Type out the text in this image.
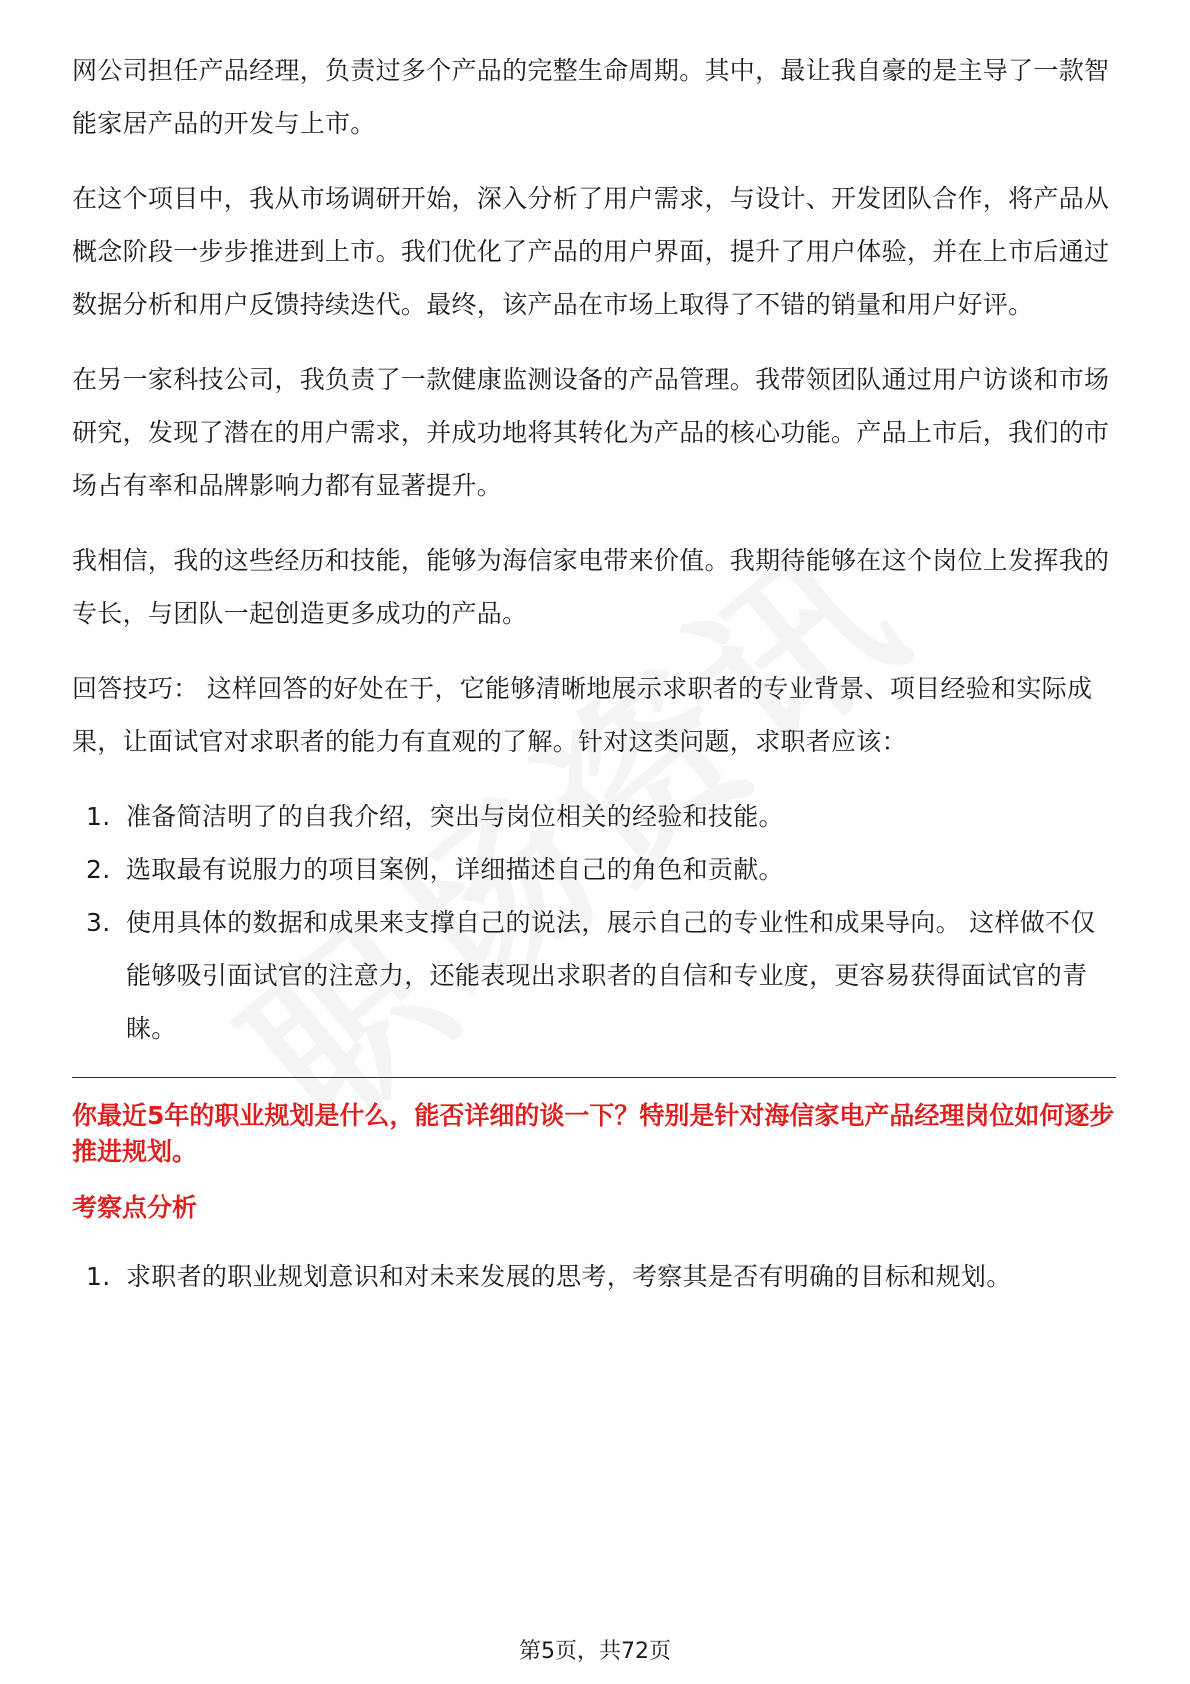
网公司担任产品经理，负责过多个产品的完整生命周期。其中，最让我自豪的是主导了一款智能家居产品的开发与上市。

在这个项目中，我从市场调研开始，深入分析了用户需求，与设计、开发团队合作，将产品从概念阶段一步步推进到上市。我们优化了产品的用户界面，提升了用户体验，并在上市后通过数据分析和用户反馈持续迭代。最终，该产品在市场上取得了不错的销量和用户好评。

在另一家科技公司，我负责了一款健康监测设备的产品管理。我带领团队通过用户访谈和市场研究，发现了潜在的用户需求，并成功地将其转化为产品的核心功能。产品上市后，我们的市场占有率和品牌影响力都有显著提升。

我相信，我的这些经历和技能，能够为海信家电带来价值。我期待能够在这个岗位上发挥我的专长，与团队一起创造更多成功的产品。

回答技巧： 这样回答的好处在于，它能够清晰地展示求职者的专业背景、项目经验和实际成果，让面试官对求职者的能力有直观的了解。针对这类问题，求职者应该：

1. 准备简洁明了的自我介绍，突出与岗位相关的经验和技能。
2. 选取最有说服力的项目案例，详细描述自己的角色和贡献。
3. 使用具体的数据和成果来支撑自己的说法，展示自己的专业性和成果导向。 这样做不仅能够吸引面试官的注意力，还能表现出求职者的自信和专业度，更容易获得面试官的青睐。

你最近5年的职业规划是什么，能否详细的谈一下？特别是针对海信家电产品经理岗位如何逐步推进规划。

考察点分析

1. 求职者的职业规划意识和对未来发展的思考，考察其是否有明确的目标和规划。
第5页，共72页
